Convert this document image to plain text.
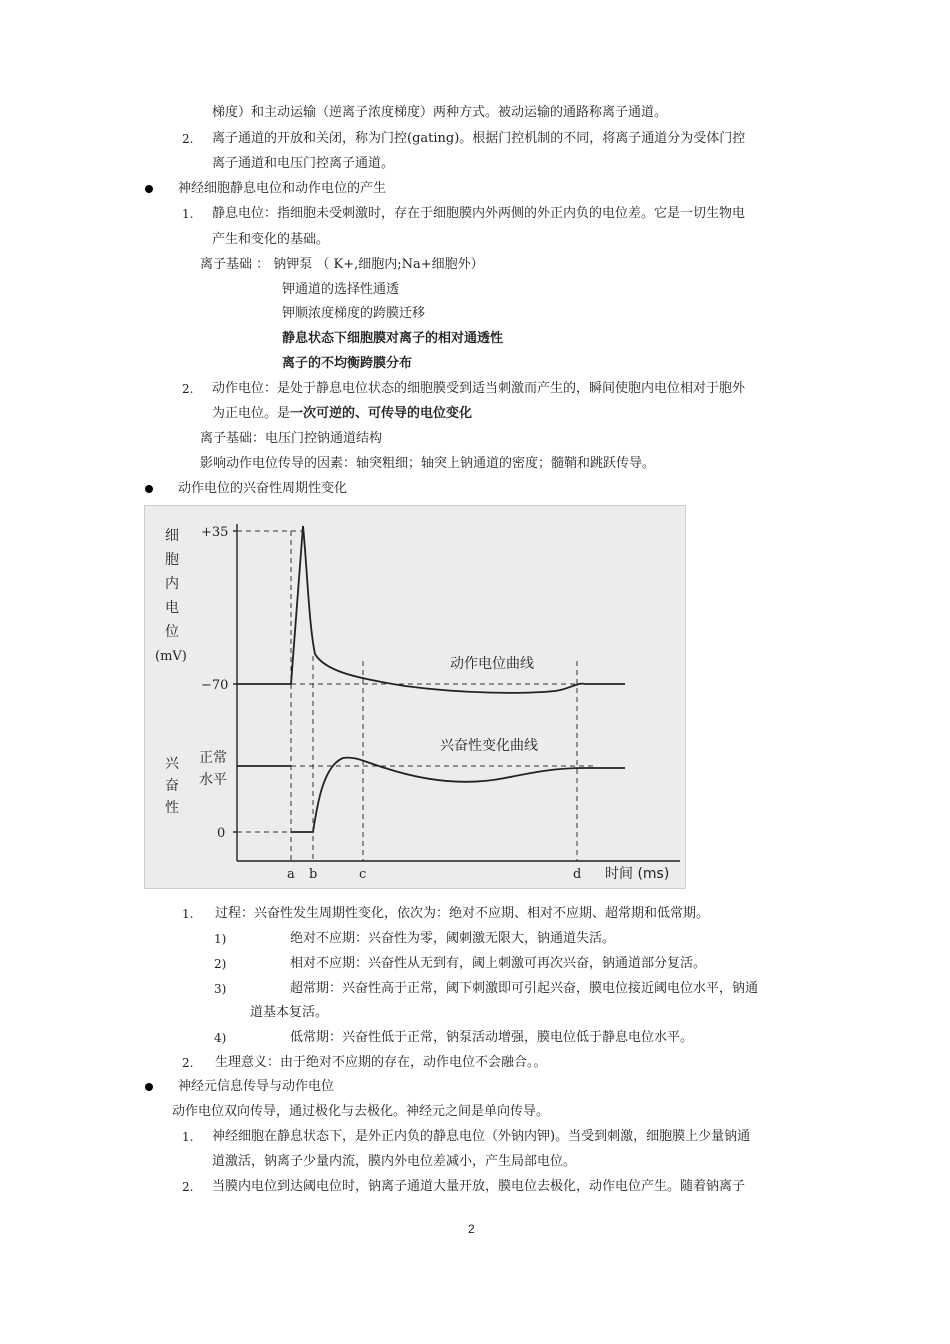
梯度）和主动运输（逆离子浓度梯度）两种方式。被动运输的通路称离子通道。
2. 离子通道的开放和关闭，称为门控(gating)。根据门控机制的不同，将离子通道分为受体门控
离子通道和电压门控离子通道。
神经细胞静息电位和动作电位的产生
1. 静息电位：指细胞未受刺激时，存在于细胞膜内外两侧的外正内负的电位差。它是一切生物电
产生和变化的基础。
离子基础 ： 钠钾泵 （ K+,细胞内;Na+细胞外）
钾通道的选择性通透
钾顺浓度梯度的跨膜迁移
静息状态下细胞膜对离子的相对通透性
离子的不均衡跨膜分布
2. 动作电位：是处于静息电位状态的细胞膜受到适当刺激而产生的，瞬间使胞内电位相对于胞外
为正电位。是一次可逆的、可传导的电位变化
离子基础：电压门控钠通道结构
影响动作电位传导的因素：轴突粗细；轴突上钠通道的密度；髓鞘和跳跃传导。
动作电位的兴奋性周期性变化
+35
−70
正常
水平
0
细
胞
内
电
位
(mV)
兴
奋
性
动作电位曲线
兴奋性变化曲线
a b	c	d 时间 (ms)
1. 过程：兴奋性发生周期性变化，依次为：绝对不应期、相对不应期、超常期和低常期。
1)	绝对不应期：兴奋性为零，阈刺激无限大，钠通道失活。
2)	相对不应期：兴奋性从无到有，阈上刺激可再次兴奋，钠通道部分复活。
3)	超常期：兴奋性高于正常，阈下刺激即可引起兴奋，膜电位接近阈电位水平，钠通
道基本复活。
4)	低常期：兴奋性低于正常，钠泵活动增强，膜电位低于静息电位水平。
2. 生理意义：由于绝对不应期的存在，动作电位不会融合。。
神经元信息传导与动作电位
动作电位双向传导，通过极化与去极化。神经元之间是单向传导。
1. 神经细胞在静息状态下，是外正内负的静息电位（外钠内钾)。当受到刺激，细胞膜上少量钠通
道激活，钠离子少量内流，膜内外电位差减小，产生局部电位。
2. 当膜内电位到达阈电位时，钠离子通道大量开放，膜电位去极化，动作电位产生。随着钠离子
2
